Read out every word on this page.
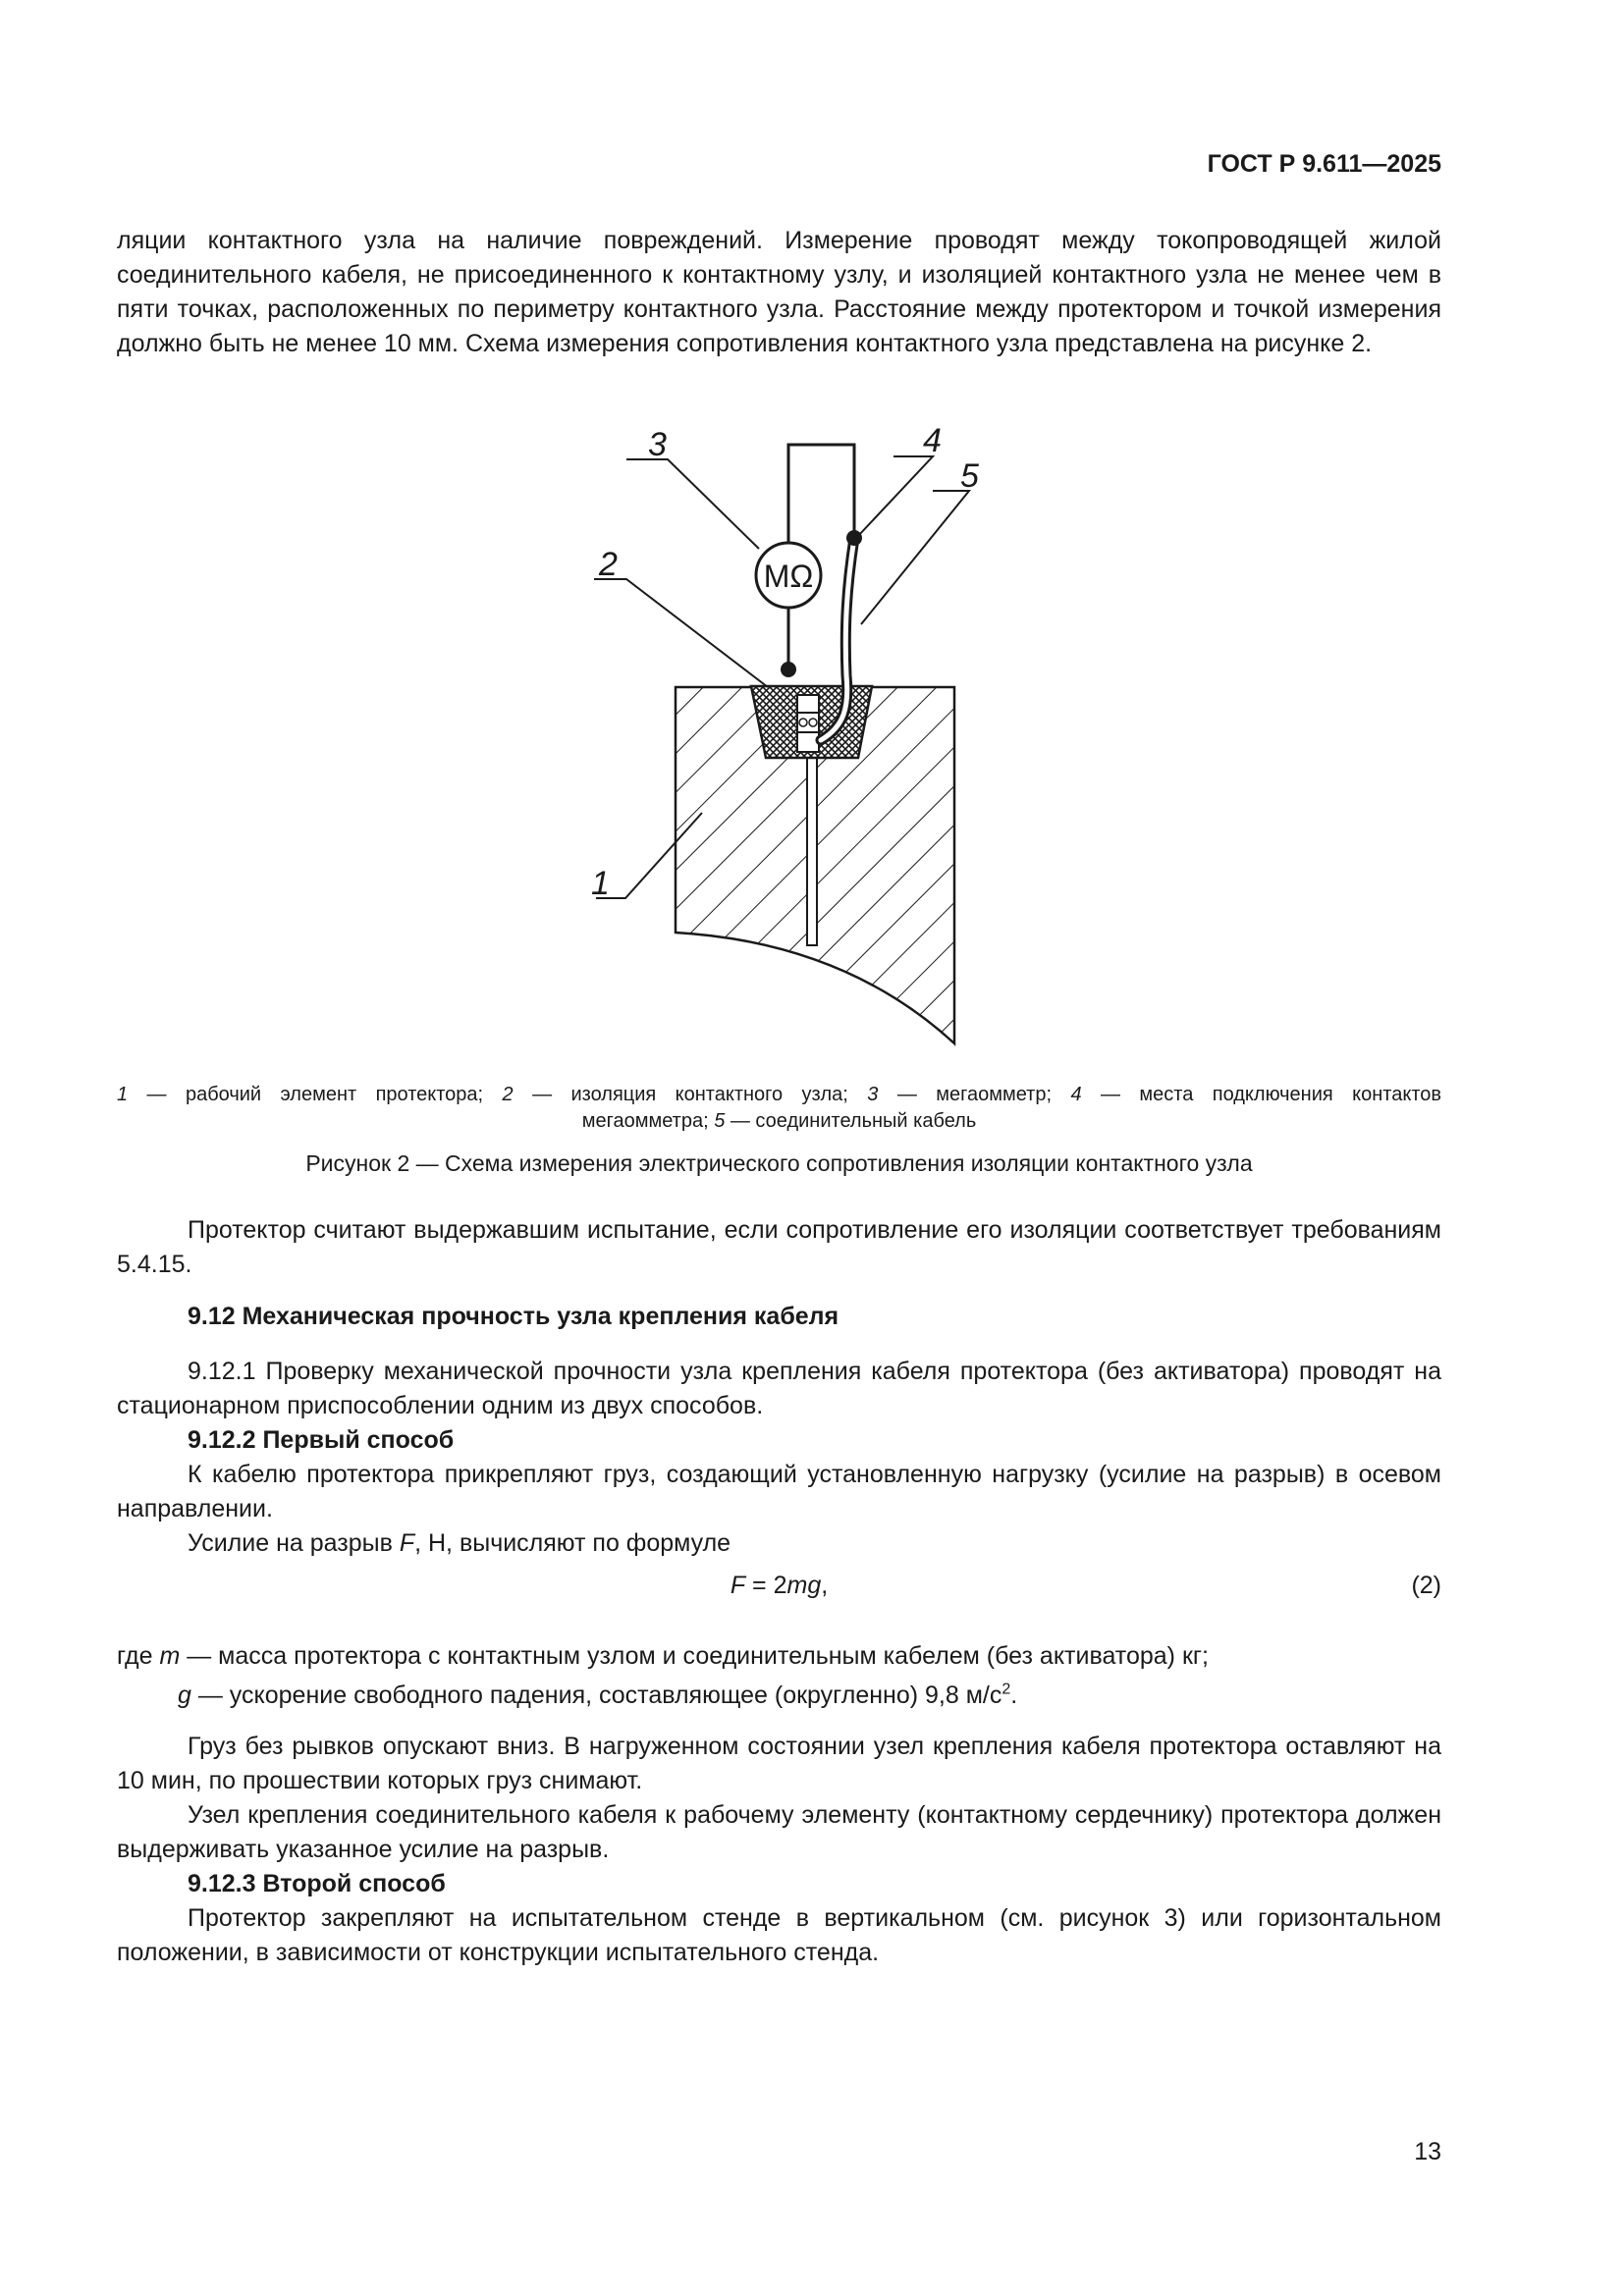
ГОСТ Р 9.611—2025
ляции контактного узла на наличие повреждений. Измерение проводят между токопроводящей жилой соединительного кабеля, не присоединенного к контактному узлу, и изоляцией контактного узла не менее чем в пяти точках, расположенных по периметру контактного узла. Расстояние между протектором и точкой измерения должно быть не менее 10 мм. Схема измерения сопротивления контактного узла представлена на рисунке 2.
MΩ
1
2
3	4
5
1 — рабочий элемент протектора; 2 — изоляция контактного узла; 3 — мегаомметр; 4 — места подключения контактов
мегаомметра; 5 — соединительный кабель
Рисунок 2 — Схема измерения электрического сопротивления изоляции контактного узла
Протектор считают выдержавшим испытание, если сопротивление его изоляции соответствует требованиям 5.4.15.
9.12 Механическая прочность узла крепления кабеля
9.12.1 Проверку механической прочности узла крепления кабеля протектора (без активатора) проводят на стационарном приспособлении одним из двух способов.
9.12.2 Первый способ
К кабелю протектора прикрепляют груз, создающий установленную нагрузку (усилие на разрыв) в осевом направлении.
Усилие на разрыв F, Н, вычисляют по формуле
F = 2mg,	(2)
где m — масса протектора с контактным узлом и соединительным кабелем (без активатора) кг;
g — ускорение свободного падения, составляющее (округленно) 9,8 $м/с^2$.
Груз без рывков опускают вниз. В нагруженном состоянии узел крепления кабеля протектора оставляют на 10 мин, по прошествии которых груз снимают.
Узел крепления соединительного кабеля к рабочему элементу (контактному сердечнику) протектора должен выдерживать указанное усилие на разрыв.
9.12.3 Второй способ
Протектор закрепляют на испытательном стенде в вертикальном (см. рисунок 3) или горизонтальном положении, в зависимости от конструкции испытательного стенда.
13
